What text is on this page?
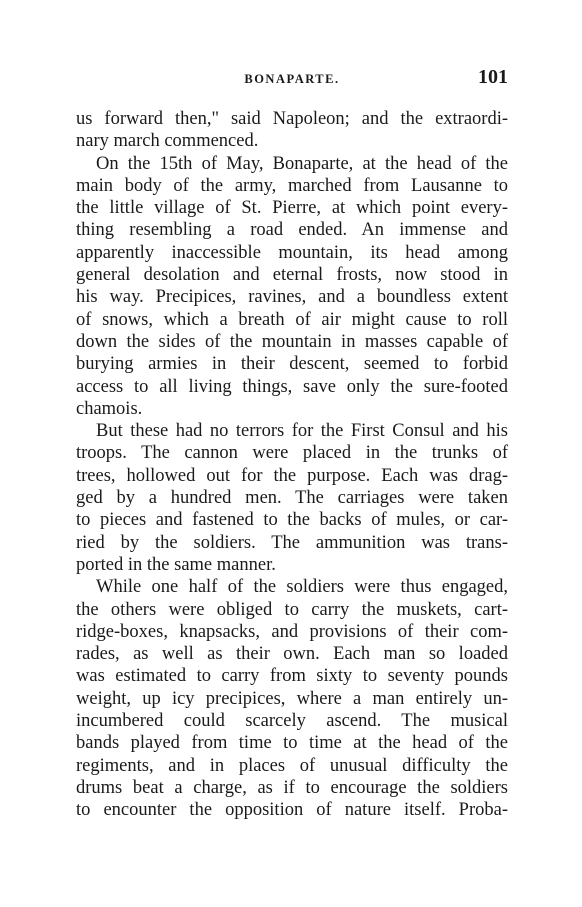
BONAPARTE.	101
us forward then," said Napoleon; and the extraordi-
nary march commenced.
On the 15th of May, Bonaparte, at the head of the
main body of the army, marched from Lausanne to
the little village of St. Pierre, at which point every-
thing resembling a road ended. An immense and
apparently inaccessible mountain, its head among
general desolation and eternal frosts, now stood in
his way. Precipices, ravines, and a boundless extent
of snows, which a breath of air might cause to roll
down the sides of the mountain in masses capable of
burying armies in their descent, seemed to forbid
access to all living things, save only the sure-footed
chamois.
But these had no terrors for the First Consul and his
troops. The cannon were placed in the trunks of
trees, hollowed out for the purpose. Each was drag-
ged by a hundred men. The carriages were taken
to pieces and fastened to the backs of mules, or car-
ried by the soldiers. The ammunition was trans-
ported in the same manner.
While one half of the soldiers were thus engaged,
the others were obliged to carry the muskets, cart-
ridge-boxes, knapsacks, and provisions of their com-
rades, as well as their own. Each man so loaded
was estimated to carry from sixty to seventy pounds
weight, up icy precipices, where a man entirely un-
incumbered could scarcely ascend. The musical
bands played from time to time at the head of the
regiments, and in places of unusual difficulty the
drums beat a charge, as if to encourage the soldiers
to encounter the opposition of nature itself. Proba-
